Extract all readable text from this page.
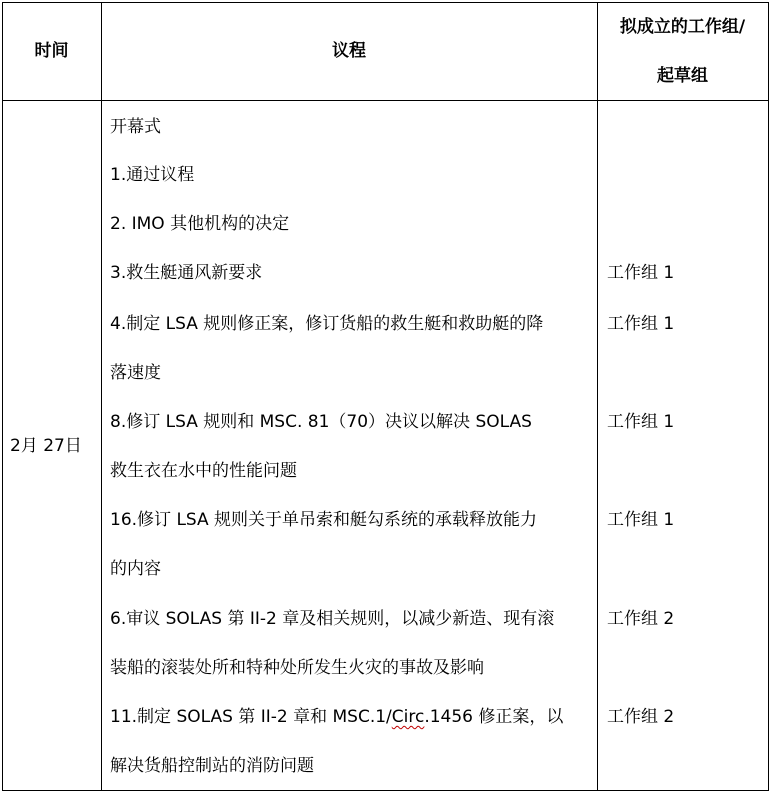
时间	议程
拟成立的工作组/
起草组
2月 27日
开幕式
1.通过议程
2. IMO 其他机构的决定
3.救生艇通风新要求
4.制定 LSA 规则修正案，修订货船的救生艇和救助艇的降
落速度
8.修订 LSA 规则和 MSC. 81（70）决议以解决 SOLAS
救生衣在水中的性能问题
16.修订 LSA 规则关于单吊索和艇勾系统的承载释放能力
的内容
6.审议 SOLAS 第 II-2 章及相关规则，以减少新造、现有滚
装船的滚装处所和特种处所发生火灾的事故及影响
11.制定 SOLAS 第 II-2 章和 MSC.1/Circ.1456 修正案，以
解决货船控制站的消防问题
工作组 1
工作组 1
工作组 1
工作组 1
工作组 2
工作组 2
